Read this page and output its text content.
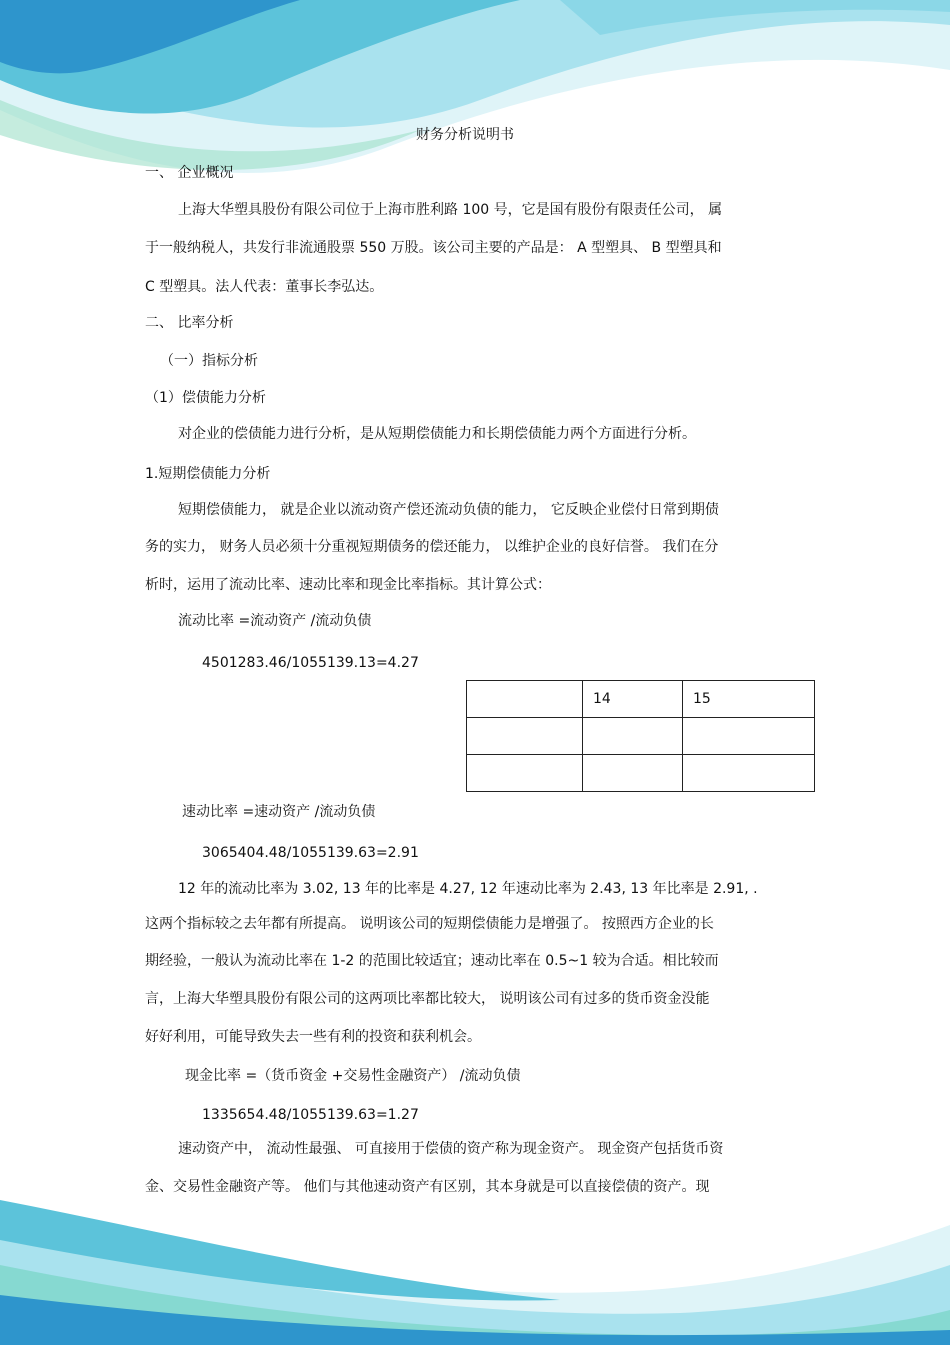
财务分析说明书
一、 企业概况
上海大华塑具股份有限公司位于上海市胜利路 100 号，它是国有股份有限责任公司， 属
于一般纳税人，共发行非流通股票 550 万股。该公司主要的产品是： A 型塑具、 B 型塑具和
C 型塑具。法人代表：董事长李弘达。
二、 比率分析
（一）指标分析
（1）偿债能力分析
对企业的偿债能力进行分析，是从短期偿债能力和长期偿债能力两个方面进行分析。
1.短期偿债能力分析
短期偿债能力， 就是企业以流动资产偿还流动负债的能力， 它反映企业偿付日常到期债
务的实力， 财务人员必须十分重视短期债务的偿还能力， 以维护企业的良好信誉。 我们在分
析时，运用了流动比率、速动比率和现金比率指标。其计算公式：
流动比率 =流动资产 /流动负债
4501283.46/1055139.13=4.27
	14	15

速动比率 =速动资产 /流动负债
3065404.48/1055139.63=2.91
12 年的流动比率为 3.02, 13 年的比率是 4.27, 12 年速动比率为 2.43, 13 年比率是 2.91, .
这两个指标较之去年都有所提高。 说明该公司的短期偿债能力是增强了。 按照西方企业的长
期经验，一般认为流动比率在 1-2 的范围比较适宜；速动比率在 0.5~1 较为合适。相比较而
言，上海大华塑具股份有限公司的这两项比率都比较大， 说明该公司有过多的货币资金没能
好好利用，可能导致失去一些有利的投资和获利机会。
现金比率 =（货币资金 +交易性金融资产） /流动负债
1335654.48/1055139.63=1.27
速动资产中， 流动性最强、 可直接用于偿债的资产称为现金资产。 现金资产包括货币资
金、交易性金融资产等。 他们与其他速动资产有区别，其本身就是可以直接偿债的资产。现
